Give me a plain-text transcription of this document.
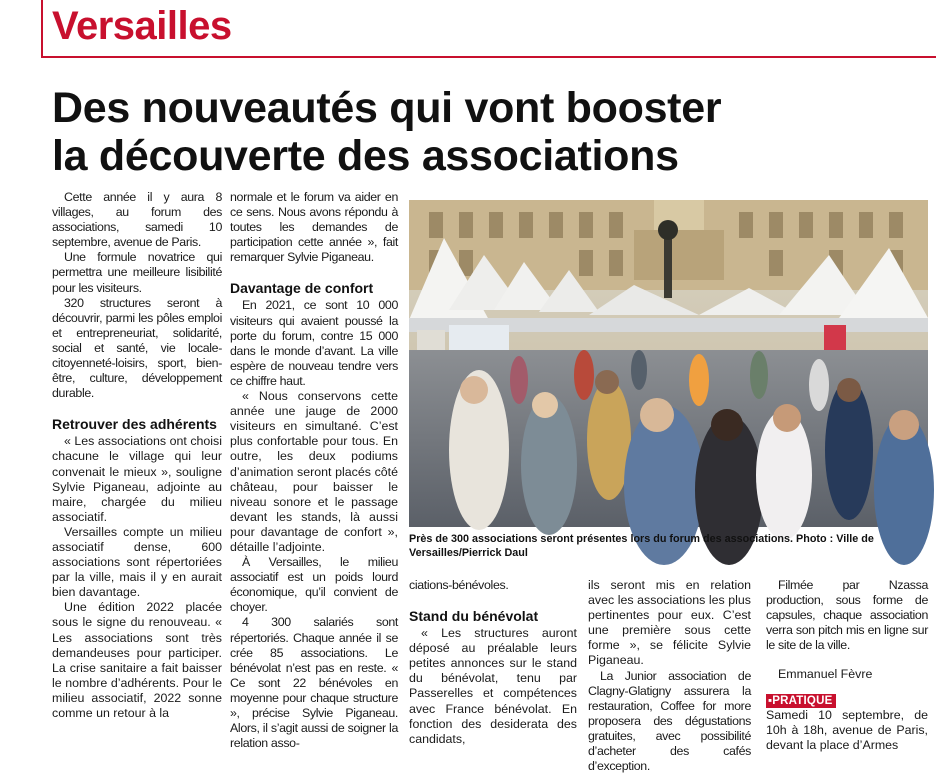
Versailles
Des nouveautés qui vont booster
la découverte des associations

Cette année il y aura 8 villages, au forum des associations, samedi 10 septembre, avenue de Paris.

Une formule novatrice qui permettra une meilleure lisibilité pour les visiteurs.

320 structures seront à découvrir, parmi les pôles emploi et entrepreneuriat, solidarité, social et santé, vie locale-citoyenneté-loisirs, sport, bien-être, culture, développement durable.

Retrouver des adhérents

« Les associations ont choisi chacune le village qui leur convenait le mieux », souligne Sylvie Piganeau, adjointe au maire, chargée du milieu associatif.

Versailles compte un milieu associatif dense, 600 associations sont répertoriées par la ville, mais il y en aurait bien davantage.

Une édition 2022 placée sous le signe du renouveau. « Les associations sont très demandeuses pour participer. La crise sanitaire a fait baisser le nombre d’adhérents. Pour le milieu associatif, 2022 sonne comme un retour à la

normale et le forum va aider en ce sens. Nous avons répondu à toutes les demandes de participation cette année », fait remarquer Sylvie Piganeau.

Davantage de confort

En 2021, ce sont 10 000 visiteurs qui avaient poussé la porte du forum, contre 15 000 dans le monde d’avant. La ville espère de nouveau tendre vers ce chiffre haut.

« Nous conservons cette année une jauge de 2000 visiteurs en simultané. C’est plus confortable pour tous. En outre, les deux podiums d’animation seront placés côté château, pour baisser le niveau sonore et le passage devant les stands, là aussi pour davantage de confort », détaille l’adjointe.

À Versailles, le milieu associatif est un poids lourd économique, qu’il convient de choyer.

4 300 salariés sont répertoriés. Chaque année il se crée 85 associations. Le bénévolat n’est pas en reste. « Ce sont 22 bénévoles en moyenne pour chaque structure », précise Sylvie Piganeau. Alors, il s’agit aussi de soigner la relation asso-

Près de 300 associations seront présentes lors du forum des associations. Photo : Ville de Versailles/Pierrick Daul

ciations-bénévoles.

Stand du bénévolat

« Les structures auront déposé au préalable leurs petites annonces sur le stand du bénévolat, tenu par Passerelles et compétences avec France bénévolat. En fonction des desiderata des candidats,

ils seront mis en relation avec les associations les plus pertinentes pour eux. C’est une première sous cette forme », se félicite Sylvie Piganeau.

La Junior association de Clagny-Glatigny assurera la restauration, Coffee for more proposera des dégustations gratuites, avec possibilité d’acheter des cafés d’exception.

Filmée par Nzassa production, sous forme de capsules, chaque association verra son pitch mis en ligne sur le site de la ville.

Emmanuel Fèvre

▪PRATIQUE

Samedi 10 septembre, de 10h à 18h, avenue de Paris, devant la place d’Armes
